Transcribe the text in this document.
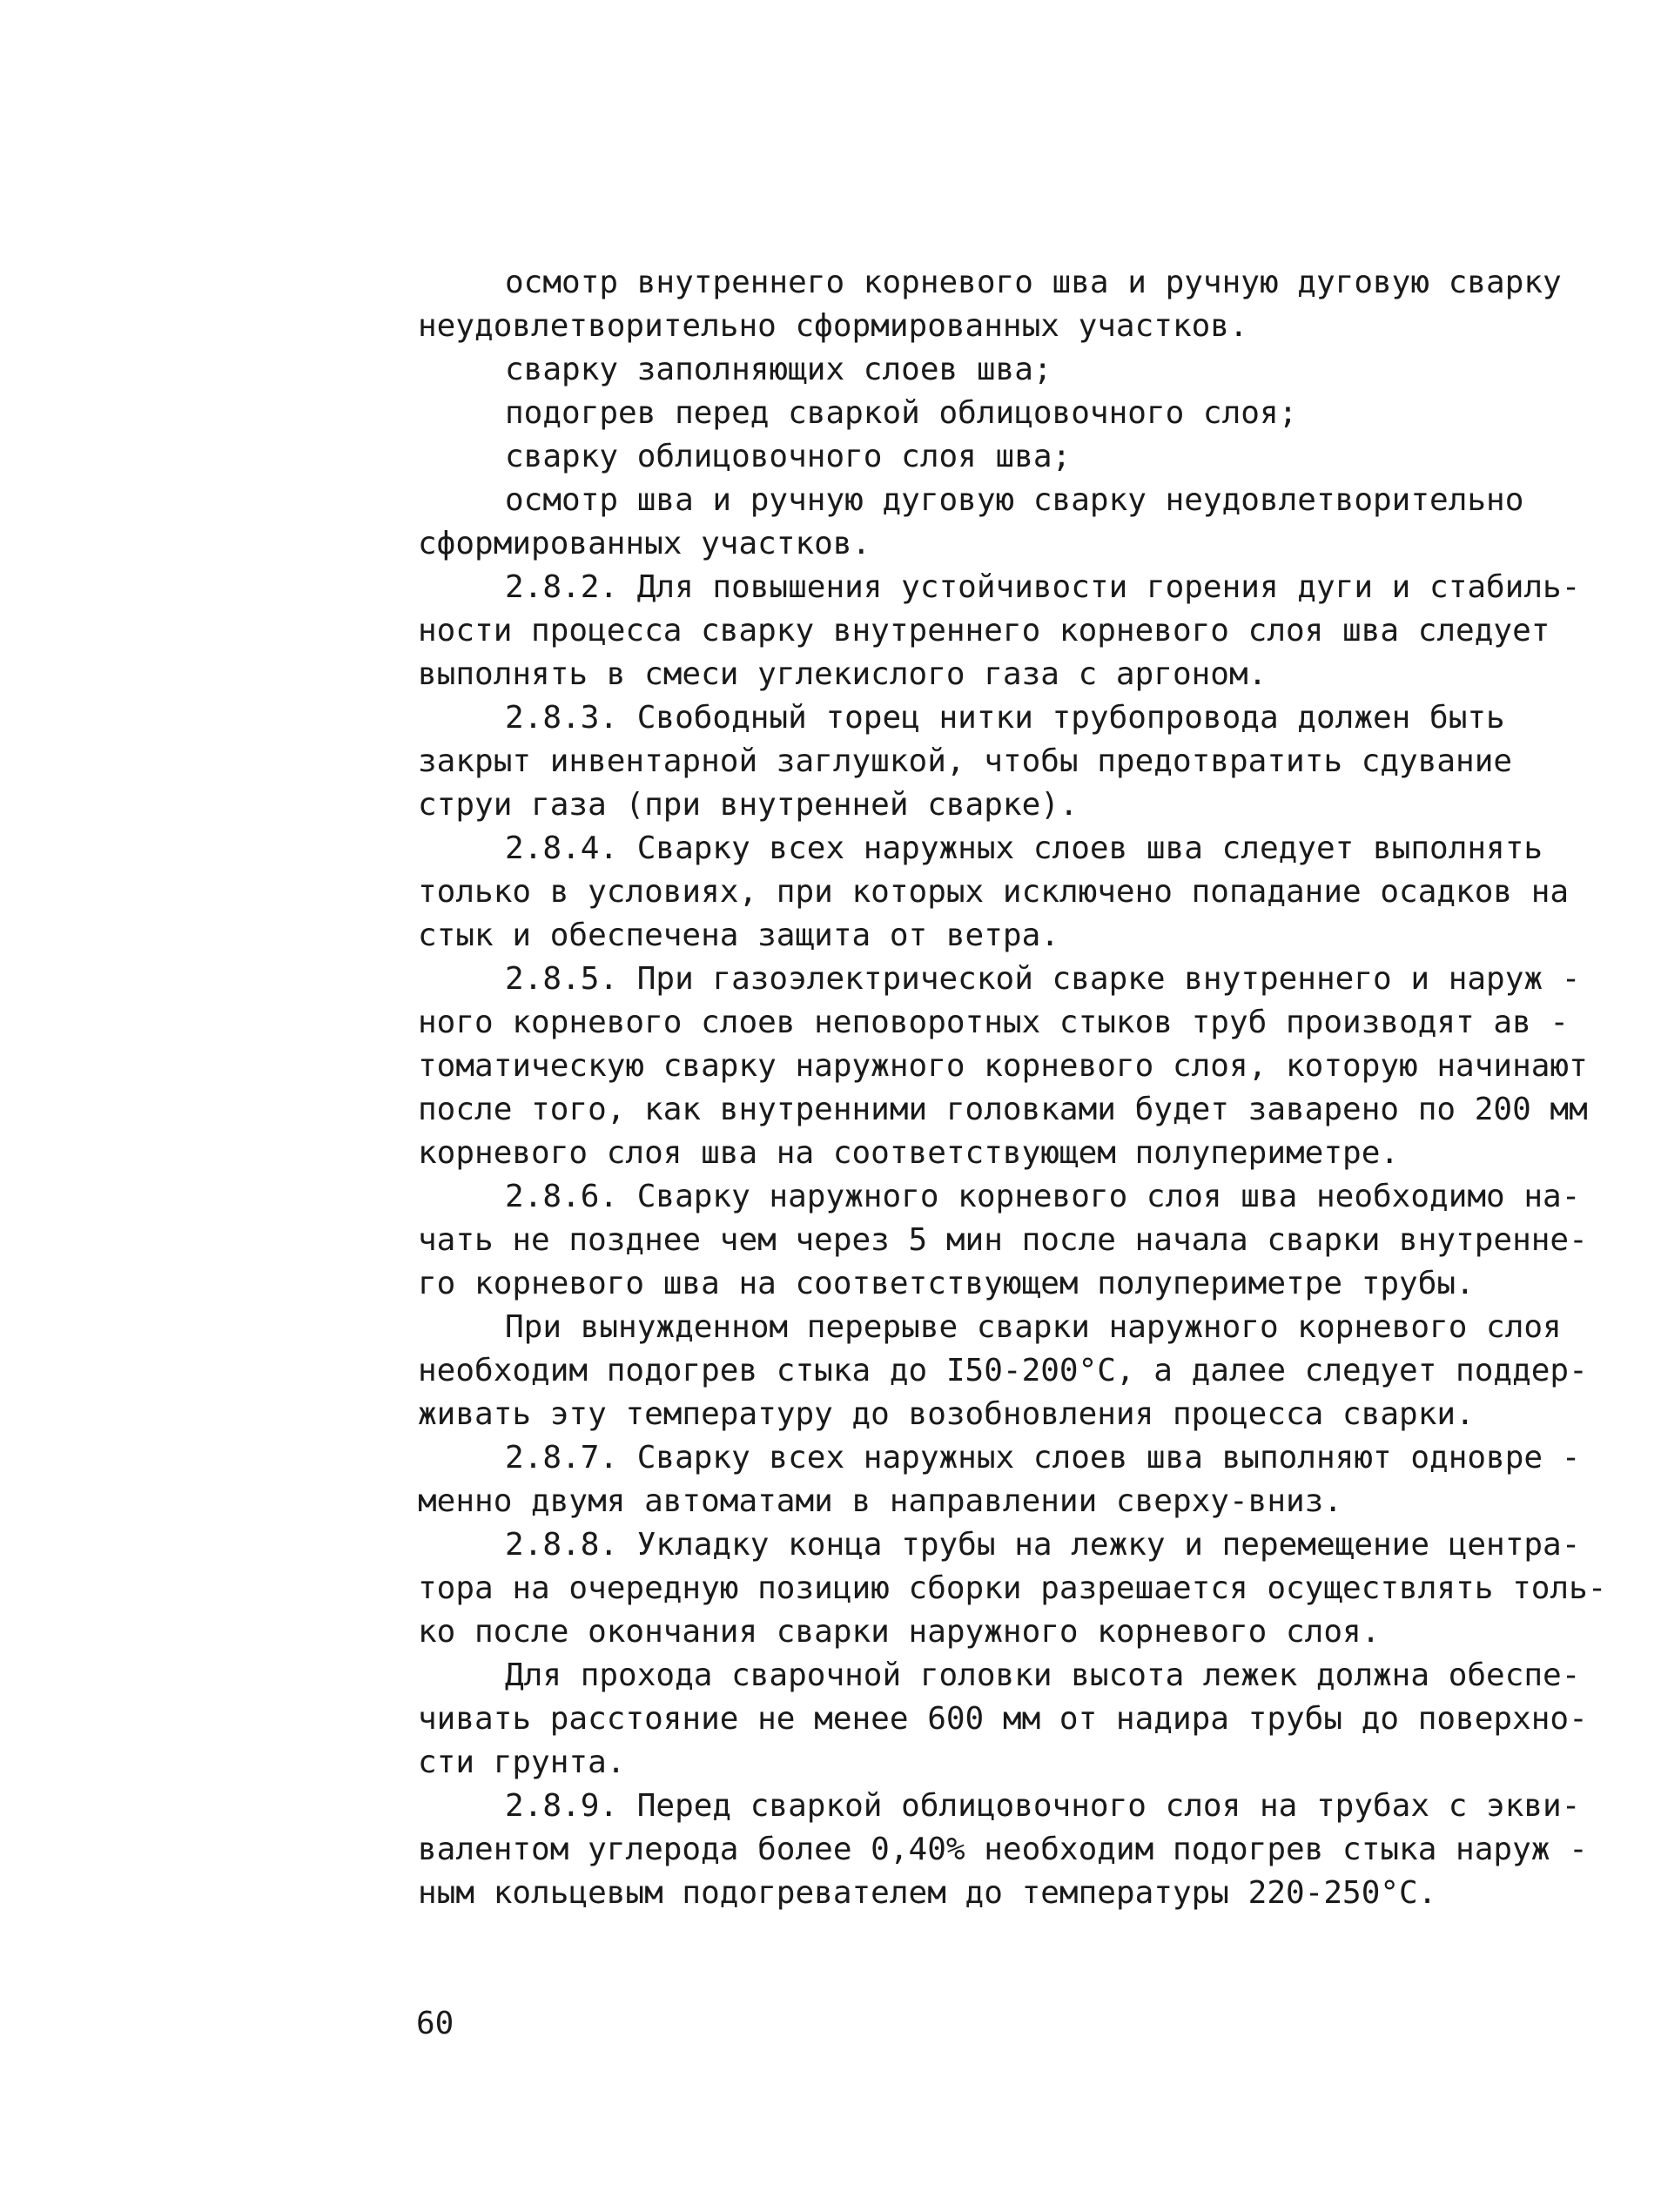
осмотр внутреннего корневого шва и ручную дуговую сварку
неудовлетворительно сформированных участков.
сварку заполняющих слоев шва;
подогрев перед сваркой облицовочного слоя;
сварку облицовочного слоя шва;
осмотр шва и ручную дуговую сварку неудовлетворительно
сформированных участков.
2.8.2. Для повышения устойчивости горения дуги и стабиль-
ности процесса сварку внутреннего корневого слоя шва следует
выполнять в смеси углекислого газа с аргоном.
2.8.3. Свободный торец нитки трубопровода должен быть
закрыт инвентарной заглушкой, чтобы предотвратить сдувание
струи газа (при внутренней сварке).
2.8.4. Сварку всех наружных слоев шва следует выполнять
только в условиях, при которых исключено попадание осадков на
стык и обеспечена защита от ветра.
2.8.5. При газоэлектрической сварке внутреннего и наруж -
ного корневого слоев неповоротных стыков труб производят ав -
томатическую сварку наружного корневого слоя, которую начинают
после того, как внутренними головками будет заварено по 200 мм
корневого слоя шва на соответствующем полупериметре.
2.8.6. Сварку наружного корневого слоя шва необходимо на-
чать не позднее чем через 5 мин после начала сварки внутренне-
го корневого шва на соответствующем полупериметре трубы.
При вынужденном перерыве сварки наружного корневого слоя
необходим подогрев стыка до I50-200°С, а далее следует поддер-
живать эту температуру до возобновления процесса сварки.
2.8.7. Сварку всех наружных слоев шва выполняют одновре -
менно двумя автоматами в направлении сверху-вниз.
2.8.8. Укладку конца трубы на лежку и перемещение центра-
тора на очередную позицию сборки разрешается осуществлять толь-
ко после окончания сварки наружного корневого слоя.
Для прохода сварочной головки высота лежек должна обеспе-
чивать расстояние не менее 600 мм от надира трубы до поверхно-
сти грунта.
2.8.9. Перед сваркой облицовочного слоя на трубах с экви-
валентом углерода более 0,40% необходим подогрев стыка наруж -
ным кольцевым подогревателем до температуры 220-250°С.
60
